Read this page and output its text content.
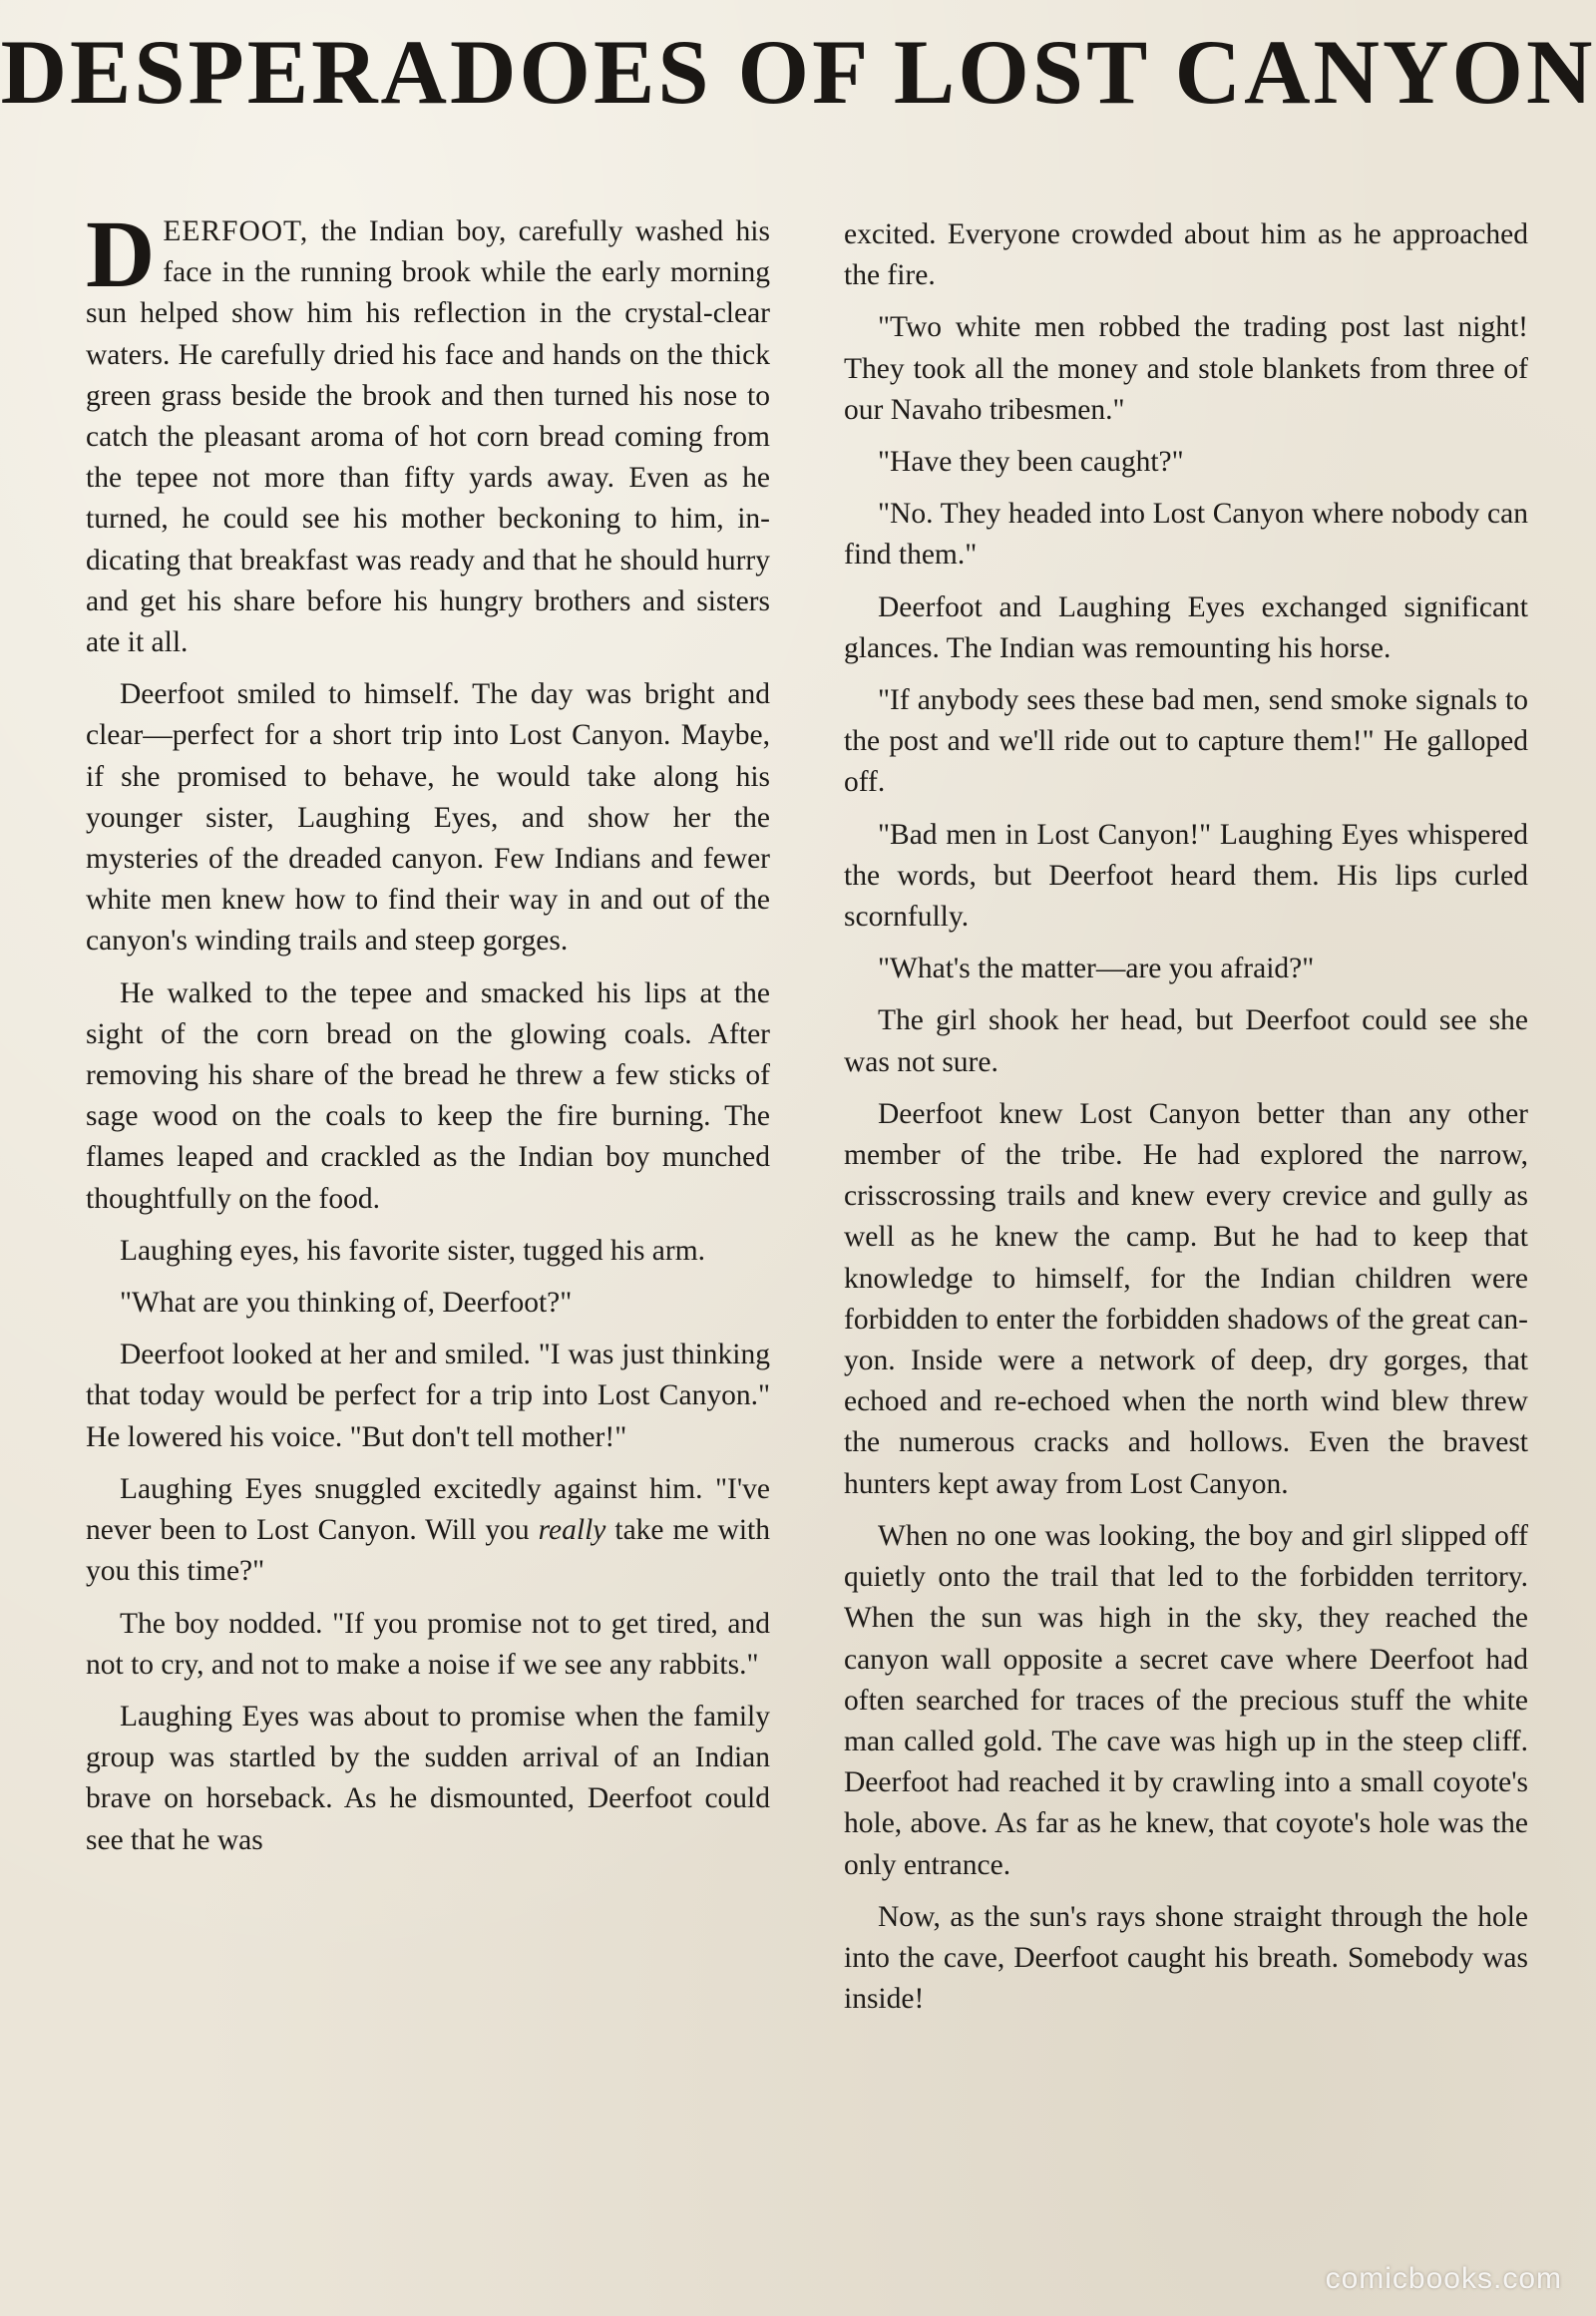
DESPERADOES OF LOST CANYON

DEERFOOT, the Indian boy, carefully washed his face in the running brook while the early morning sun helped show him his reflection in the crystal-clear waters. He carefully dried his face and hands on the thick green grass beside the brook and then turned his nose to catch the pleasant aroma of hot corn bread coming from the tepee not more than fifty yards away. Even as he turned, he could see his mother beckoning to him, indicating that breakfast was ready and that he should hurry and get his share before his hungry brothers and sisters ate it all.

Deerfoot smiled to himself. The day was bright and clear—perfect for a short trip into Lost Canyon. Maybe, if she promised to behave, he would take along his younger sister, Laughing Eyes, and show her the mysteries of the dreaded canyon. Few Indians and fewer white men knew how to find their way in and out of the canyon's winding trails and steep gorges.

He walked to the tepee and smacked his lips at the sight of the corn bread on the glowing coals. After removing his share of the bread he threw a few sticks of sage wood on the coals to keep the fire burning. The flames leaped and crackled as the Indian boy munched thoughtfully on the food.

Laughing eyes, his favorite sister, tugged his arm.

"What are you thinking of, Deerfoot?"

Deerfoot looked at her and smiled. "I was just thinking that today would be perfect for a trip into Lost Canyon." He lowered his voice. "But don't tell mother!"

Laughing Eyes snuggled excitedly against him. "I've never been to Lost Canyon. Will you really take me with you this time?"

The boy nodded. "If you promise not to get tired, and not to cry, and not to make a noise if we see any rabbits."

Laughing Eyes was about to promise when the family group was startled by the sudden arrival of an Indian brave on horseback. As he dismounted, Deerfoot could see that he was

excited. Everyone crowded about him as he approached the fire.

"Two white men robbed the trading post last night! They took all the money and stole blankets from three of our Navaho tribesmen."

"Have they been caught?"

"No. They headed into Lost Canyon where nobody can find them."

Deerfoot and Laughing Eyes exchanged significant glances. The Indian was remounting his horse.

"If anybody sees these bad men, send smoke signals to the post and we'll ride out to capture them!" He galloped off.

"Bad men in Lost Canyon!" Laughing Eyes whispered the words, but Deerfoot heard them. His lips curled scornfully.

"What's the matter—are you afraid?"

The girl shook her head, but Deerfoot could see she was not sure.

Deerfoot knew Lost Canyon better than any other member of the tribe. He had explored the narrow, crisscrossing trails and knew every crevice and gully as well as he knew the camp. But he had to keep that knowledge to himself, for the Indian children were forbidden to enter the forbidden shadows of the great canyon. Inside were a network of deep, dry gorges, that echoed and re-echoed when the north wind blew threw the numerous cracks and hollows. Even the bravest hunters kept away from Lost Canyon.

When no one was looking, the boy and girl slipped off quietly onto the trail that led to the forbidden territory. When the sun was high in the sky, they reached the canyon wall opposite a secret cave where Deerfoot had often searched for traces of the precious stuff the white man called gold. The cave was high up in the steep cliff. Deerfoot had reached it by crawling into a small coyote's hole, above. As far as he knew, that coyote's hole was the only entrance.

Now, as the sun's rays shone straight through the hole into the cave, Deerfoot caught his breath. Somebody was inside!

comicbooks.com
